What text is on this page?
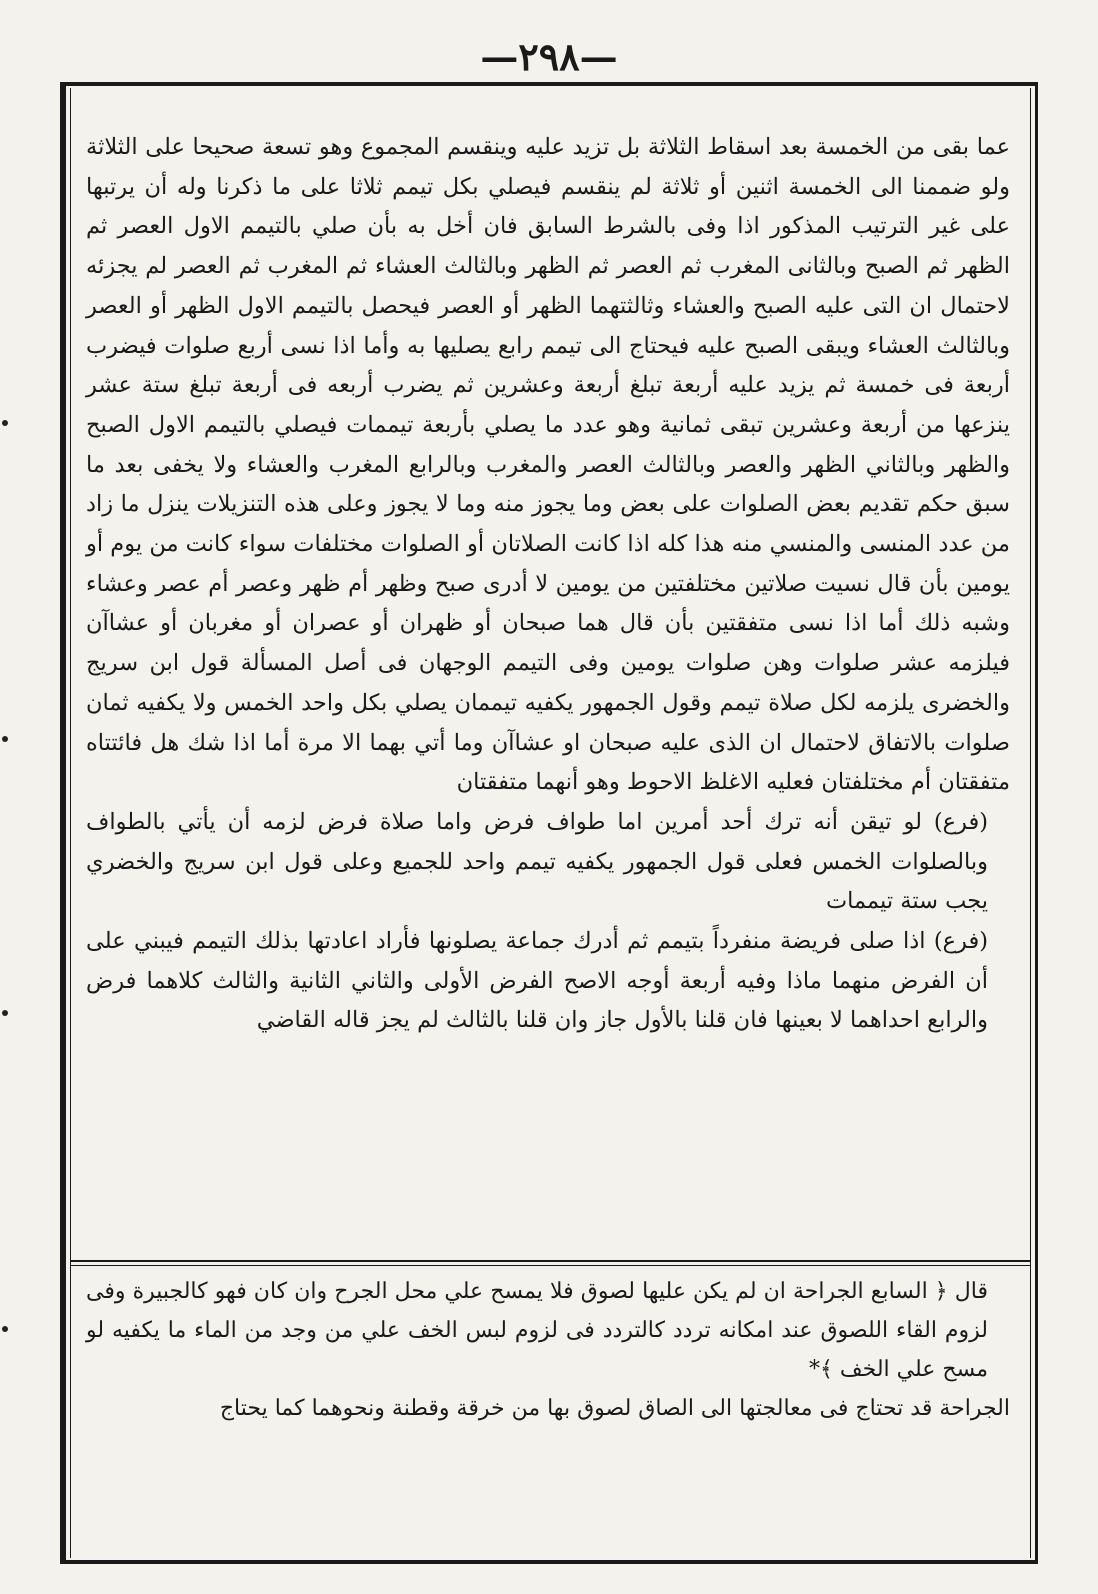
—٢٩٨—

عما بقى من الخمسة بعد اسقاط الثلاثة بل تزيد عليه وينقسم المجموع وهو تسعة صحيحا على الثلاثة ولو ضممنا الى الخمسة اثنين أو ثلاثة لم ينقسم فيصلي بكل تيمم ثلاثا على ما ذكرنا وله أن يرتبها على غير الترتيب المذكور اذا وفى بالشرط السابق فان أخل به بأن صلي بالتيمم الاول العصر ثم الظهر ثم الصبح وبالثانى المغرب ثم العصر ثم الظهر وبالثالث العشاء ثم المغرب ثم العصر لم يجزئه لاحتمال ان التى عليه الصبح والعشاء وثالثتهما الظهر أو العصر فيحصل بالتيمم الاول الظهر أو العصر وبالثالث العشاء ويبقى الصبح عليه فيحتاج الى تيمم رابع يصليها به وأما اذا نسى أربع صلوات فيضرب أربعة فى خمسة ثم يزيد عليه أربعة تبلغ أربعة وعشرين ثم يضرب أربعه فى أربعة تبلغ ستة عشر ينزعها من أربعة وعشرين تبقى ثمانية وهو عدد ما يصلي بأربعة تيممات فيصلي بالتيمم الاول الصبح والظهر وبالثاني الظهر والعصر وبالثالث العصر والمغرب وبالرابع المغرب والعشاء ولا يخفى بعد ما سبق حكم تقديم بعض الصلوات على بعض وما يجوز منه وما لا يجوز وعلى هذه التنزيلات ينزل ما زاد من عدد المنسى والمنسي منه هذا كله اذا كانت الصلاتان أو الصلوات مختلفات سواء كانت من يوم أو يومين بأن قال نسيت صلاتين مختلفتين من يومين لا أدرى صبح وظهر أم ظهر وعصر أم عصر وعشاء وشبه ذلك أما اذا نسى متفقتين بأن قال هما صبحان أو ظهران أو عصران أو مغربان أو عشاآن فيلزمه عشر صلوات وهن صلوات يومين وفى التيمم الوجهان فى أصل المسألة قول ابن سريج والخضرى يلزمه لكل صلاة تيمم وقول الجمهور يكفيه تيممان يصلي بكل واحد الخمس ولا يكفيه ثمان صلوات بالاتفاق لاحتمال ان الذى عليه صبحان او عشاآن وما أتي بهما الا مرة أما اذا شك هل فائتتاه متفقتان أم مختلفتان فعليه الاغلظ الاحوط وهو أنهما متفقتان

(فرع) لو تيقن أنه ترك أحد أمرين اما طواف فرض واما صلاة فرض لزمه أن يأتي بالطواف وبالصلوات الخمس فعلى قول الجمهور يكفيه تيمم واحد للجميع وعلى قول ابن سريج والخضري يجب ستة تيممات

(فرع) اذا صلى فريضة منفرداً بتيمم ثم أدرك جماعة يصلونها فأراد اعادتها بذلك التيمم فيبني على أن الفرض منهما ماذا وفيه أربعة أوجه الاصح الفرض الأولى والثاني الثانية والثالث كلاهما فرض والرابع احداهما لا بعينها فان قلنا بالأول جاز وان قلنا بالثالث لم يجز قاله القاضي

قال ﴿ السابع الجراحة ان لم يكن عليها لصوق فلا يمسح علي محل الجرح وان كان فهو كالجبيرة وفى لزوم القاء اللصوق عند امكانه تردد كالتردد فى لزوم لبس الخف علي من وجد من الماء ما يكفيه لو مسح علي الخف ﴾*

الجراحة قد تحتاج فى معالجتها الى الصاق لصوق بها من خرقة وقطنة ونحوهما كما يحتاج
